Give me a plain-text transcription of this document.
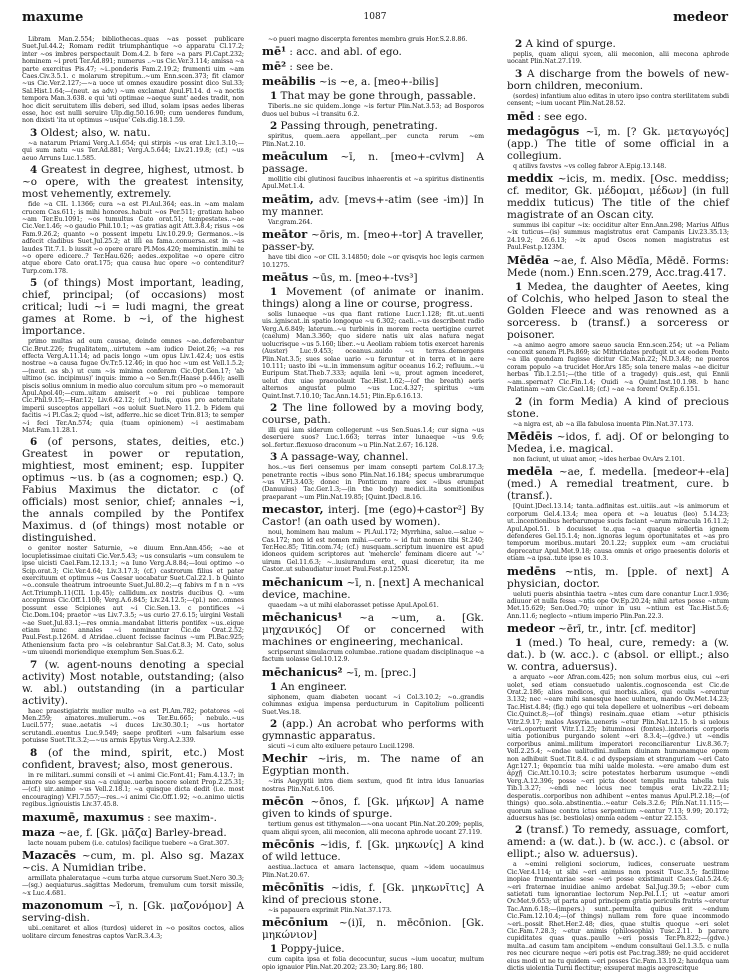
maxume	1087	medeor

Libram Man.2.554; bibliothecas..quas ~as posset publicare Suet.Jul.44.2; Romam rediit triumphantique ~o apparatu Cl.17.2; inter ~os imbres perspectauit Dom.4.2. b fere ~a pars Pl.Capt.232; hominem ~i preti Ter.Ad.891; numerus ..~us Cic.Ver.3.114; amissa ~a parte exercitus Pis.47; ~i..ponderis Fam.2.19.2; frumenti uim ~am Caes.Civ.3.5.1. c molarum strepitum..~um Enn.scen.373; fit clamor ~us Cic.Ver.2.127;—~a uoce ut omnes exaudire possint dico Sul.33; Sal.Hist.1.64;—(neut. as adv.) ~um exclamat Apul.Fl.14. d ~a noctis tempora Man.3.638. e qui 'uti optimae ~aeque sunt' aedes tradit, non hoc dicit seruitutem illis deberi, sed illud, solam ipsas aedes liberas esse, hoc est nulli seruire Ulp.dig.50.16.90; cum uenderes fundum, non dixisti 'ita ut optimus ~usque' Cels.dig.18.1.59.

3 Oldest; also, w. natu.

~a natarum Priami Verg.A.1.654; qui stirpis ~us erat Liv.1.3.10;—qui sum natu ~us Ter.Ad.881; Verg.A.5.644; Liv.21.19.8; (cf.) ~us aeuo Arruns Luc.1.585.

4 Greatest in degree, highest, utmost. b ~o opere, with the greatest intensity, most vehemently, extremely.

fide ~a CIL 1.1366; cura ~a est Pl.Aul.364; eas..in ~am malam crucem Cas.611; is mihi honores..habuit ~os Per.511; gratiam habeo ~am Ter.Eu.1091; ~os tumultus Cato orat.51; tempestates..~ae Cic.Ver.1.46; ~o gaudio Phil.10.1; ~as gratias agit Att.3.8.4; risus ~os Fam.9.26.2; quanto ~o possent impetu Liv.10.29.9; Germanos..~is adfecit cladibus Suet.Jul.25.2; at illi ea fama..conuersa..est in ~as laudes Tit.7.1. b iussit ~o opere orare Pl.Mos.420; meministin..mihi te ~o opere edicere..? Ter.Hau.626; aedes..expolitae ~o opere citro atque ebore Cato orat.175; qua causa huc opere ~o contenditur? Turp.com.178.

5 (of things) Most important, leading, chief, principal; (of occasions) most critical; ludi ~i = ludi magni, the great games at Rome. b ~i, of the highest importance.

primo multas ad eum causae, deinde omnes ~ae..deferebantur Cic.Brut.226; frugalitatem,..uirtutem ~am iudico Deiot.26; ~a res effecta Verg.A.11.14; ad pacis longo ~um opus Liv.1.42.4; uos estis nostrae ~a causa fugae Ov.Tr.5.12.46; in quo hoc ~um est Vell.1.5.2;—(neut. as sb.) ut cum ~is minima conferam Cic.Opt.Gen.17; 'ab ultimo (sc. incipimus)' inquis: immo a ~o Sen.fr.(Haase p.446); aselli piscis solius omnium in medio aluo corculum situm pro ~o memorauit Apul.Apol.40;—cum..uitam amiserit ~o rei publicae tempore Cic.Phil.9.15;—Har.12; Liv.6.42.12; (cf.) ludis, quos pro aeternitate imperii susceptos appellari ~os uoluit Suet.Nero 11.2. b Fidem qui facitis ~i Pl.Cas.2; quod ~ist, adferre..hic se dicet Trin.813; te semper ~i feci Ter.An.574; quia (tuam opinionem) ~i aestimabam Mat.Fam.11.28.1.

6 (of persons, states, deities, etc.) Greatest in power or reputation, mightiest, most eminent; esp. Iuppiter optimus ~us. b (as a cognomen; esp.) Q. Fabius Maximus the dictator. c (of officials) most senior, chief; annales ~i, the annals compiled by the Pontifex Maximus. d (of things) most notable or distinguished.

o genitor noster Saturnie, ~e diuum Enn.Ann.456; ~ae et locupletissimae ciuitati Cic.Ver.5.43; ~us consularis ~um consulem te ipse uicisti Cael.Fam.12.13.1; ~a Iuno Verg.A.8.84;—Ioui optimo ~o Scip.orat.3; Cic.Ver.4.64; Liv.3.17.3; (cf.) castrorum filius et pater exercituum et optimus ~us Caesar uocabatur Suet.Cal.22.1. b Quinto ~o..consule theatrum introeunte Suet.Jul.80.2;—q fabivs m f n n ~vs Act.Triumph.11(CIL 1.p.45); callidum..ex nostris ducibus Q. ~um accepimus Cic.Off.1.108; Verg.A.6.845; Liv.24.12.5;—(pl.) nec..omnes possunt esse Scipiones aut ~i Cic.Sen.13. c pontifices ~i Cic.Dom.104; praetor ~us Liv.7.3.5; ~us curio 27.6.15; uirgini Vestali ~ae Suet.Jul.83.1;—res omnia..mandabat litteris pontifex ~us..eique etiam nunc annales ~i nominantur Cic.de Orat.2.52; Paul.Fest.p.126M. d Atridae..cluent fecisse facinus ~um Pl.Bac.925; Atheniensium facta pro ~is celebrantur Sal.Cat.8.3; M. Cato, solus ~um uiuendi moriendique exemplum Sen.Suas.6.2.

7 (w. agent-nouns denoting a special activity) Most notable, outstanding; (also w. abl.) outstanding (in a particular activity).

haec praestigiatrix mulier multo ~a est Pl.Am.782; potatores ~ei Men.259; amatores..mulierum..~os Ter.Eu.665; nebulo..~us Lucil.577; suae..aetatis ~i duces Liv.30.30.1; ~us hortator scrutandi..euentus Luc.9.549; saepe profiteri ~um falsarium esse potuisse Suet.Tit.3.2;—~us armis Epytus Verg.A.2.339.

8 (of the mind, spirit, etc.) Most confident, bravest; also, most generous.

in re militari..summi consili et ~i animi Cic.Font.41; Fam.4.13.7; in amore suo semper sua ~a cuique..uerba nocere solent Prop.2.25.31;—(cf.) uir..animo ~us Vell.2.18.1; ~a quisque dicta dedit (i.e. most encouraging) V.Fl.7.557;—res..~i animi Cic.Off.1.92; ~o..animo uictis regibus..ignouistis Liv.37.45.8.

maxumē, maxumus : see maxim-.

maza ~ae, f. [Gk. μᾶζα] Barley-bread.

lacte nouam pubem (i.e. catulos) facilique tuebere ~a Grat.307.

Mazacēs ~cum, m. pl. Also sg. Mazax ~cis. A Numidian tribe.

armillata phalerataque ~cum turba atque cursorum Suet.Nero 30.3;—(sg.) aequaturus..sagittas Medorum, tremulum cum torsit missile, ~x Luc.4.681.

mazonomum ~ī, n. [Gk. μαζονόμον] A serving-dish.

ubi..cenitaret et alios (turdos) uideret in ~o positos coctos, alios uolitare circum fenestras captos Var.R.3.4.3;

~o pueri magno discerpta ferentes membra gruis Hor.S.2.8.86.

mē¹ : acc. and abl. of ego.

mē² : see be.

meābilis ~is ~e, a. [meo+-bilis]

1 That may be gone through, passable.

Tiberis..ne sic quidem..longe ~is fertur Plin.Nat.3.53; ad Bosporos duos uel bubus ~i transitu 6.2.

2 Passing through, penetrating.

spiritus, quem..aera appellant,..per cuncta rerum ~em Plin.Nat.2.10.

meāculum ~ī, n. [meo+-cvlvm] A passage.

mollitie cibi glutinosi faucibus inhaerentis et ~a spiritus distinentis Apul.Met.1.4.

meātim, adv. [mevs+-atim (see -im)] In my manner.

Var.gram.264.

meātor ~ōris, m. [meo+-tor] A traveller, passer-by.

have tibi dico ~or CIL 3.14850; dole ~or qvisqvis hoc legis carmen 10.1275.

meātus ~ūs, m. [meo+-tvs³]

1 Movement (of animate or inanim. things) along a line or course, progress.

solis lunaeque ~us qua fiant ratione Lucr.1.128; fit..ut..uenti uis..igniscat..in spatio longoque ~u 6.302; caeli..~us describent radio Verg.A.6.849; laterum..~u turbinis in morem recta uertigine curret (caelum) Man.3.360; quo sidere natis uix alas natura negat uolucrisque ~us 5.160; liber..~u Aeoliam rabiem totis exercet harenis (Auster) Luc.9.453; oceanus..auido ~u terras..demergens Plin.Nat.3.5; sues solae uario ~u feruntur et in terra et in aere 10.111; uasto ibi ~u..in immensum agitur oceanus 16.2; refluum..~u Euripum Stat.Theb.7.333; aquila leni ~u, prout agmen incederet, uelut dux uiae praeuolauit Tac.Hist.1.62;—(of the breath) aeris alternos angustat pulmo ~us Luc.4.327; spiritus ~um Quint.Inst.7.10.10; Tac.Ann.14.51; Plin.Ep.6.16.13.

2 The line followed by a moving body, course, path.

illi qui iam siderum collegerunt ~us Sen.Suas.1.4; cur signa ~us deseruere suos? Luc.1.663; terras inter lunaeque ~us 9.6; sol..fertur..flexuoso draconum ~u Plin.Nat.2.67; 16.128.

3 A passage-way, channel.

hos..~us fieri censemus per imam consepti partem Col.8.17.3; penetrante rectis ~ibus sono Plin.Nat.16.184; specus umbrarumque ~us V.Fl.3.403; donec in Ponticum mare sex ~ibus erumpat (Danuuius) Tac.Ger.1.3;—(in the body) medici..ita somitionibus praeparant ~um Plin.Nat.19.85; [Quint.]Decl.8.16.

mecastor, interj. [me (ego)+castor²] By Castor! (an oath used by women).

noui, hominem hau malum ~ Pl.Aul.172; Myrrhina, salue.—salue ~ Cas.172; non id est nomen mihi.—certo ~ id fuit nomen tibi St.240; Ter.Hec.85; Titin.com.74; (cf.) nusquam..scriptum inuenire est apud idoneos quidem scriptores aut 'mehercle' feminam dicere aut '~' uirum Gel.11.6.3; ~..iusiurandum erat, quasi diceretur, ita me Castor..ut subaudiatur iuuet Paul.Fest.p.125M.

mēchanicum ~ī, n. [next] A mechanical device, machine.

quaedam ~a ut mihi elaborasset petisse Apul.Apol.61.

mēchanicus¹ ~a ~um, a. [Gk. μηχανικός] Of or concerned with machines or engineering, mechanical.

scripserunt simulacrum columbae..ratione quadam disciplinaque ~a factum uolasse Gel.10.12.9.

mēchanicus² ~ī, m. [prec.]

1 An engineer.

siphonem, quam diabeten uocant ~i Col.3.10.2; ~o..grandis columnas exigua impensa perducturum in Capitolium pollicenti Suet.Ves.18.

2 (app.) An acrobat who performs with gymnastic apparatus.

sicuti ~i cum alto exiluere petauro Lucil.1298.

Mechir ~iris, m. The name of an Egyptian month.

~iris Aegyptii intra diem sextum, quod fit intra idus Ianuarias nostras Plin.Nat.6.106.

mēcōn ~ōnos, f. [Gk. μήκων] A name given to kinds of spurge.

tertium genus est tithymalon—~ona uocant Plin.Nat.20.209; peplis, quam aliqui sycen, alii meconion, alii mecona aphrode uocant 27.119.

mēcōnis ~idis, f. [Gk. μηκωνίς] A kind of wild lettuce.

aestiua..lactuca et amara lactensque, quam ~idem uocauimus Plin.Nat.20.67.

mēcōnītis ~idis, f. [Gk. μηκωνῖτις] A kind of precious stone.

~is papauera exprimit Plin.Nat.37.173.

mēcōnium ~(i)ī, n. mēcōnion. [Gk. μηκώνιον]

1 Poppy-juice.

cum capita ipsa et folia decocuntur, sucus ~ium uocatur, multum opio ignauior Plin.Nat.20.202; 23.30; Larg.86; 180.

2 A kind of spurge.

peplis, quam aliqui sycen, alii meconion, alii mecona aphrode uocant Plin.Nat.27.119.

3 A discharge from the bowels of new-born children, meconium.

(sordes) infantium aluo editas in utero ipso contra sterilitatem subdi censent; ~ium uocant Plin.Nat.28.52.

mēd : see ego.

medagōgus ~ī, m. [? Gk. μεταγωγός] (app.) The title of some official in a collegium.

q atilivs favstvs ~vs colleg fabror A.Epig.13.148.

meddix ~icis, m. medix. [Osc. meddiss; cf. meditor, Gk. μέδομαι, μέδων] (in full meddix tuticus) The title of the chief magistrate of an Oscan city.

summus ibi capitur ~ix: occiditur alter Enn.Ann.298; Marius Alfius ~ix tuticus—(is) summus magistratus erat Campanis Liv.23.35.13; 24.19.2; 26.6.13; ~ix apud Oscos nomen magistratus est Paul.Fest.p.123M.

Mēdēa ~ae, f. Also Mēdīa, Mēdē. Forms: Mede (nom.) Enn.scen.279, Acc.trag.417.

1 Medea, the daughter of Aeetes, king of Colchis, who helped Jason to steal the Golden Fleece and was renowned as a sorceress. b (transf.) a sorceress or poisoner.

~a animo aegro amore saeuo saucia Enn.scen.254; ut ~a Peliam concoxit senem Pl.Ps.869; sic Mithridates profugit ut ex eodem Ponto ~a illa quondam fugisse dicitur Cic.Man.22; N.D.3.48; ne pueros coram populo ~a trucidet Hor.Ars 185; sola tenere malas ~ae dicitur herbas Tib.1.2.51;—(the title of a tragedy) quis..est, qui Ennii ~am..spernat? Cic.Fin.1.4; Ouidi ~a Quint.Inst.10.1.98. b hanc Palatinam ~am Cic.Cael.18; (cf.) ~ae ~a forem! Ov.Ep.6.151.

2 (in form Media) A kind of precious stone.

~a nigra est, ab ~a illa fabulosa inuenta Plin.Nat.37.173.

Mēdēis ~idos, f. adj. Of or belonging to Medea, i.e. magical.

non faciunt, ut uiuat amor, ~ides herbae Ov.Ars 2.101.

medēla ~ae, f. medella. [medeor+-ela] (med.) A remedial treatment, cure. b (transf.).

[Quint.]Decl.13.14; tanta..adfinitas est..uitiis..aut ~is animorum et corporum Gel.4.13.4; mea opera et ~a leuatus (leo) 5.14.23; ut..incentionibus herbarumque sucis faciant ~arum miracula 16.11.2; Apul.Apol.51. b docuisset te..qua ~a quaque sollertia ignem defenderes Gel.15.1.4; non..ignoras legum oportunitates et ~as pro temporum moribus..mutari 20.1.22; supplex eum ~am cruciatui deprecatur Apul.Met.9.18; causa omnis et origo praesentis doloris et etiam ~a ipsa..tute ipse es 10.3.

medēns ~ntis, m. [pple. of next] A physician, doctor.

ueluti pueris absinthia taetra ~ntes cum dare conantur Lucr.1.936; adiuuor et nulla fessa ~ntis ope Ov.Ep.20.24; nihil artes posse ~ntum Met.15.629; Sen.Oed.70; uunor in usu ~ntium est Tac.Hist.5.6; Ann.11.6; neglecto ~ntium imperio Plin.Pan.22.3.

medeor ~ērī, tr., intr. [cf. meditor]

1 (med.) To heal, cure, remedy: a (w. dat.). b (w. acc.). c (absol. or ellipt.; also w. contra, aduersus).

a arquato ~eor Afran.com.425; non solum morbus eius, cui ~eri uolet, sed etiam consuetudo ualentis..cognoscenda est Cic.de Orat.2.186; alios medicos, qui morbis..alios, qui oculis ~erentur 3.132; nec ~eare mihi sanesque haec uulnera, mando Ov.Met.14.23; Tac.Hist.4.84; (fig.) ego qui tela depellere et uolneribus ~eri debeam Cic.Quinct.8;—(of things) resinam..quae etiam ~etur pthisicis Vitr.2.9.17; malos Assyria..ueneris ~etur Plin.Nat.12.15. b si uelous ~eri..oportuerit Vitr.1.1.25; bituminosi (fontes)..interioris corporis uitia potionibus purgando solent ~eri 8.3.4;—(gdve.) ut ~endis corporibus animi..militum imperatori reconciliarentur Liv.8.36.7; Vell.2.25.4; ~endae ualitudini..nullam diuinam humanamque opem non adhibuit Suet.Tit.8.4. c ad dyspepsiam et stranguriam ~eri Cato Agr.127.1; θεραπεία tua mihi ualde molesta. ~ere amabo dum est ἀρχῇ Cic.Att.10.10.3; scire potestates herbarum usumque ~endi Verg.A.12.396; posse ~eri picta docet templis multa tabella tuis Tib.1.3.27; ~endi nec locus nec tempus erat Liv.22.2.11; desperatis..corporibus non adhibent ~entes manus Apul.Pl.2.18;—(of things) quo..sola..abstinentia..~eatur Cels.3.2.6; Plin.Nat.11.115;—quorum saliuae contra ictus serpentium ~eantur 7.13; 9.99; 20.172; aduersus has (sc. bestiolas) omnia eadem ~entur 22.153.

2 (transf.) To remedy, assuage, comfort, amend: a (w. dat.). b (w. acc.). c (absol. or ellipt.; also w. aduersus).

a ~emini religioni sociorum, iudices, conseruate uestram Cic.Ver.4.114; ut sibi ~eri animus non possit Tusc.3.5; facillime inopiae frumentariae sese ~eri posse existimauit Caes.Gal.5.24.6; ~eri fraternae inuidiae animo ardebat Sal.Jug.39.5; ~ebor cum satietati tum ignorantiae lectorum Nep.Pel.1.1; ut ~eatur amori Ov.Met.9.653; ut parta apud principem gratia periculis fratris ~eretur Tac.Ann.6.18;—(impers.) sunt..permulta quibus erit ~endum Cic.Fam.12.10.4;—(of things) nullam rem fore quae incommodo ~eri..possit Rhet.Her.2.48; dies, quae stultis quoque ~eri solet Cic.Fam.7.28.3; ~etur animis (philosophia) Tusc.2.11. b parare cupiditates quas quas..paullo ~eri possis Ter.Ph.822;—(gdve.) multa..ad casum tam ancipitem ~endum consultaui Gel.1.3.5. c nulla res nec cicurare neque ~eri potis est Pac.trag.389; ne quid accideret eius modi ut ne tu quidem ~eri posses Cic.Fam.13.19.2; haudqua uam dictis uiolentia Turni flectitur; exsuperat magis aegrescitque
